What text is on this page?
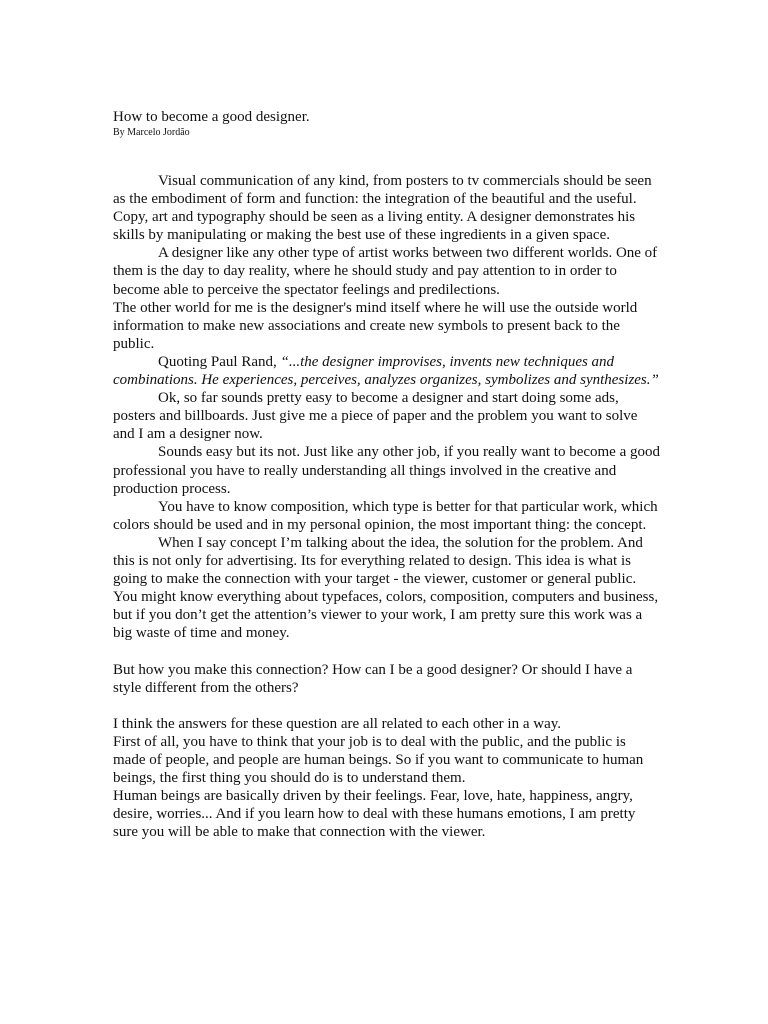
How to become a good designer.

By Marcelo Jordão

Visual communication of any kind, from posters to tv commercials should be seen as the embodiment of form and function: the integration of the beautiful and the useful. Copy, art and typography should be seen as a living entity. A designer demonstrates his skills by manipulating or making the best use of these ingredients in a given space.

A designer like any other type of artist works between two different worlds. One of them is the day to day reality, where he should study and pay attention to in order to become able to perceive the spectator feelings and predilections.

The other world for me is the designer's mind itself where he will use the outside world information to make new associations and create new symbols to present back to the public.

Quoting Paul Rand, “...the designer improvises, invents new techniques and combinations. He experiences, perceives, analyzes organizes, symbolizes and synthesizes.”

Ok, so far sounds pretty easy to become a designer and start doing some ads, posters and billboards. Just give me a piece of paper and the problem you want to solve and I am a designer now.

Sounds easy but its not. Just like any other job, if you really want to become a good professional you have to really understanding all things involved in the creative and production process.

You have to know composition, which type is better for that particular work, which colors should be used and in my personal opinion, the most important thing: the concept.

When I say concept I’m talking about the idea, the solution for the problem. And this is not only for advertising. Its for everything related to design. This idea is what is going to make the connection with your target - the viewer, customer or general public. You might know everything about typefaces, colors, composition, computers and business, but if you don’t get the attention’s viewer to your work, I am pretty sure this work was a big waste of time and money.

But how you make this connection? How can I be a good designer? Or should I have a style different from the others?

I think the answers for these question are all related to each other in a way.

First of all, you have to think that your job is to deal with the public, and the public is made of people, and people are human beings. So if you want to communicate to human beings, the first thing you should do is to understand them.

Human beings are basically driven by their feelings. Fear, love, hate, happiness, angry, desire, worries... And if you learn how to deal with these humans emotions, I am pretty sure you will be able to make that connection with the viewer.
